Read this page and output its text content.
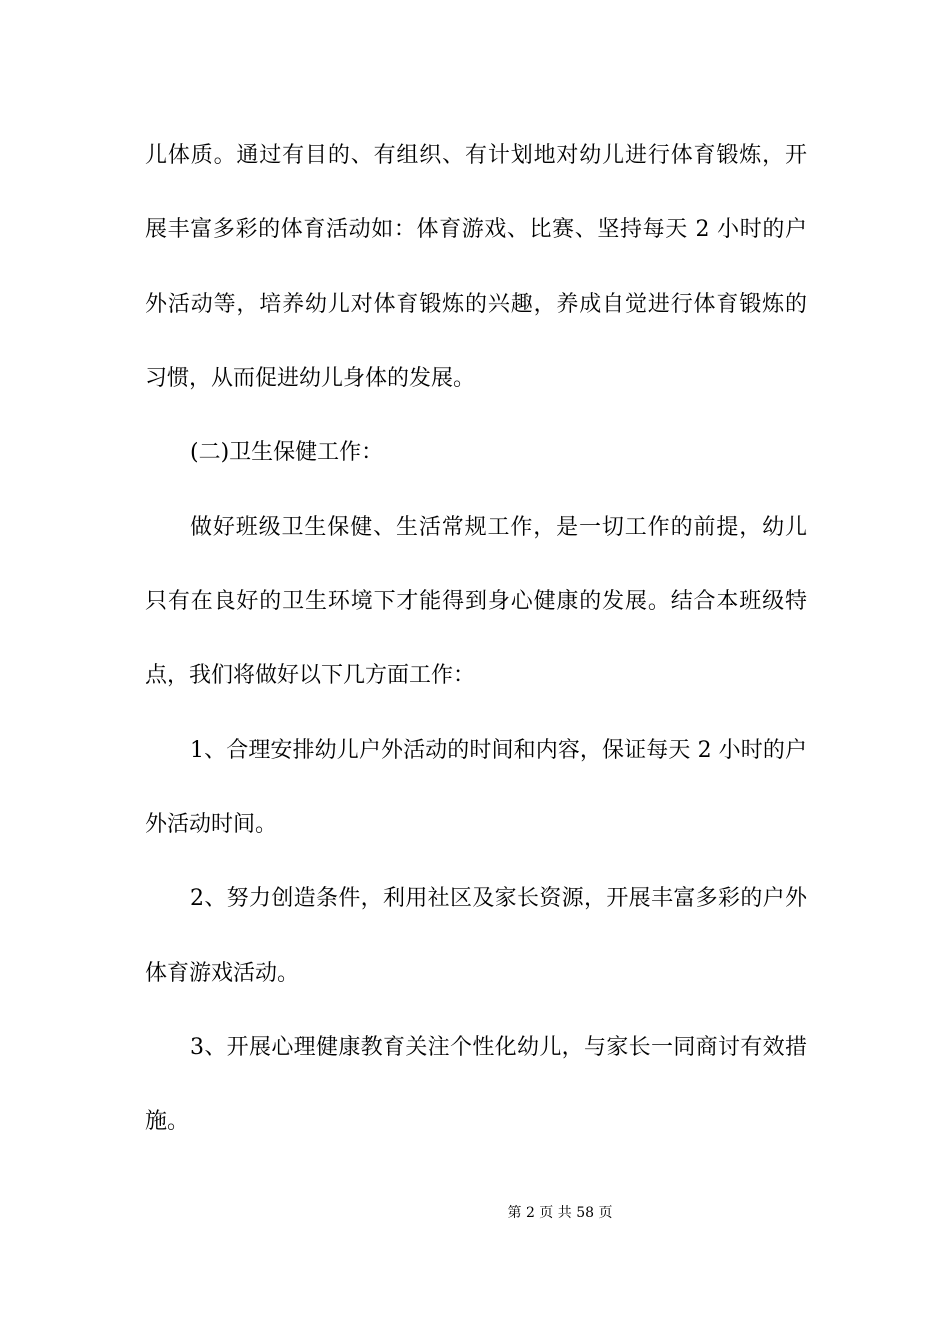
儿体质。通过有目的、有组织、有计划地对幼儿进行体育锻炼，开
展丰富多彩的体育活动如：体育游戏、比赛、坚持每天 2 小时的户
外活动等，培养幼儿对体育锻炼的兴趣，养成自觉进行体育锻炼的
习惯，从而促进幼儿身体的发展。
(二)卫生保健工作：
做好班级卫生保健、生活常规工作，是一切工作的前提，幼儿
只有在良好的卫生环境下才能得到身心健康的发展。结合本班级特
点，我们将做好以下几方面工作：
1、合理安排幼儿户外活动的时间和内容，保证每天 2 小时的户
外活动时间。
2、努力创造条件，利用社区及家长资源，开展丰富多彩的户外
体育游戏活动。
3、开展心理健康教育关注个性化幼儿，与家长一同商讨有效措
施。
第 2 页 共 58 页
